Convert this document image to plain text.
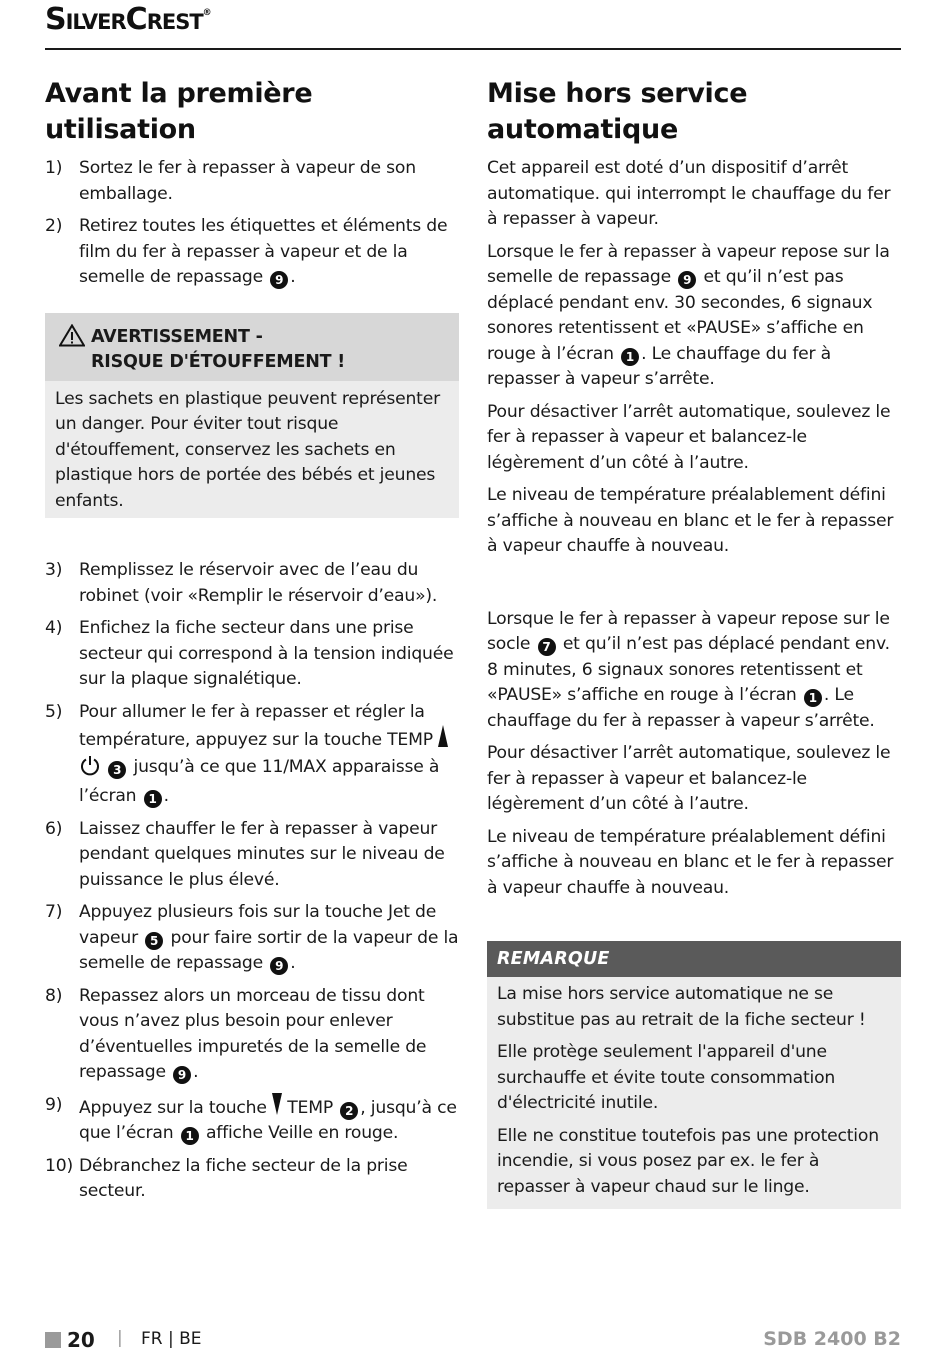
SilverCrest®
Avant la première utilisation
1) Sortez le fer à repasser à vapeur de son emballage.
2) Retirez toutes les étiquettes et éléments de film du fer à repasser à vapeur et de la semelle de repassage 9 .
AVERTISSEMENT -
RISQUE D'ÉTOUFFEMENT !

Les sachets en plastique peuvent représenter un danger. Pour éviter tout risque d'étouffement, conservez les sachets en plastique hors de portée des bébés et jeunes enfants.

3) Remplissez le réservoir avec de l’eau du robinet (voir «Remplir le réservoir d’eau»).
4) Enfichez la fiche secteur dans une prise secteur qui correspond à la tension indiquée sur la plaque signalétique.
5) Pour allumer le fer à repasser et régler la température, appuyez sur la touche TEMP   3 jusqu’à ce que 11/MAX apparaisse à l’écran 1 .
6) Laissez chauffer le fer à repasser à vapeur pendant quelques minutes sur le niveau de puissance le plus élevé.
7) Appuyez plusieurs fois sur la touche Jet de vapeur 5 pour faire sortir de la vapeur de la semelle de repassage 9 .
8) Repassez alors un morceau de tissu dont vous n’avez plus besoin pour enlever d’éventuelles impuretés de la semelle de repassage 9 .
9) Appuyez sur la touche TEMP 2 , jusqu’à ce que l’écran 1 affiche Veille en rouge.
10) Débranchez la fiche secteur de la prise secteur.
Mise hors service automatique

Cet appareil est doté d’un dispositif d’arrêt automatique. qui interrompt le chauffage du fer à repasser à vapeur.

Lorsque le fer à repasser à vapeur repose sur la semelle de repassage 9 et qu’il n’est pas déplacé pendant env. 30 secondes, 6 signaux sonores retentissent et «PAUSE» s’affiche en rouge à l’écran 1 . Le chauffage du fer à repasser à vapeur s’arrête.

Pour désactiver l’arrêt automatique, soulevez le fer à repasser à vapeur et balancez-le légèrement d’un côté à l’autre.

Le niveau de température préalablement défini s’affiche à nouveau en blanc et le fer à repasser à vapeur chauffe à nouveau.

Lorsque le fer à repasser à vapeur repose sur le socle 7 et qu’il n’est pas déplacé pendant env. 8 minutes, 6 signaux sonores retentissent et «PAUSE» s’affiche en rouge à l’écran 1 . Le chauffage du fer à repasser à vapeur s’arrête.

Pour désactiver l’arrêt automatique, soulevez le fer à repasser à vapeur et balancez-le légèrement d’un côté à l’autre.

Le niveau de température préalablement défini s’affiche à nouveau en blanc et le fer à repasser à vapeur chauffe à nouveau.

REMARQUE

La mise hors service automatique ne se substitue pas au retrait de la fiche secteur !

Elle protège seulement l'appareil d'une surchauffe et évite toute consommation d'électricité inutile.

Elle ne constitue toutefois pas une protection incendie, si vous posez par ex. le fer à repasser à vapeur chaud sur le linge.

20 | FR | BE	SDB 2400 B2
